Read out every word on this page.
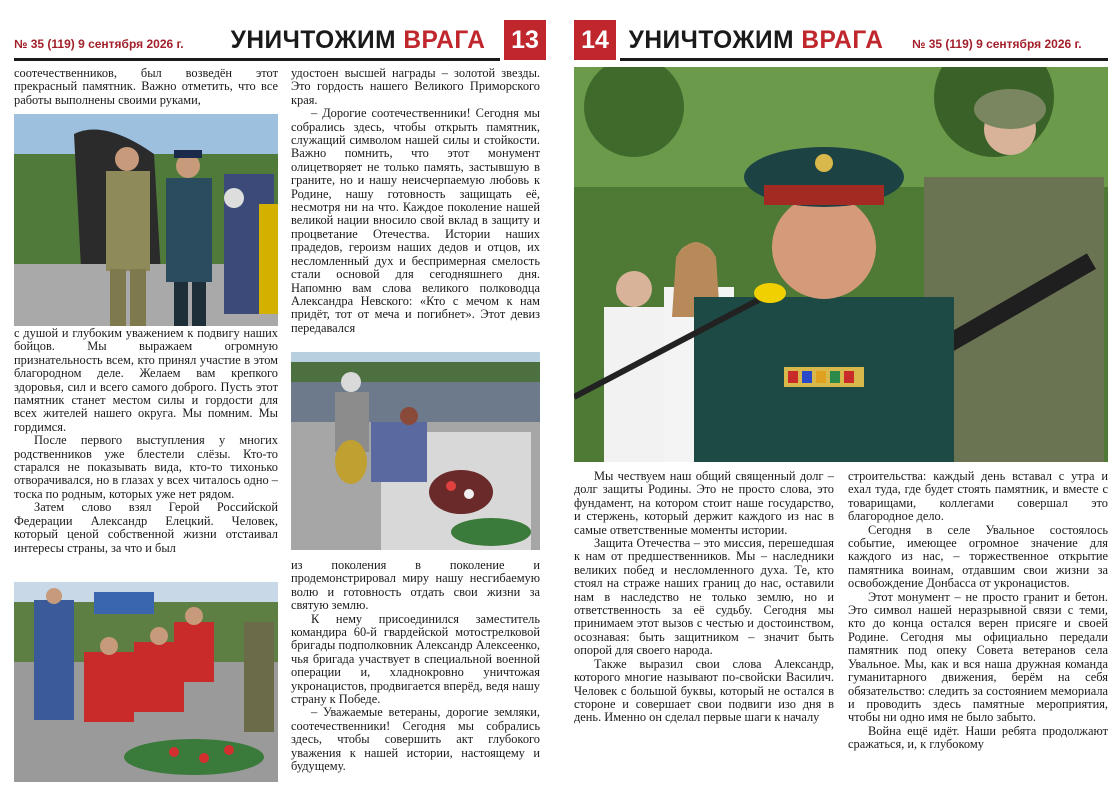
№ 35 (119) 9 сентября 2026 г. УНИЧТОЖИМ ВРАГА 13

соотечественников, был возведён этот прекрасный памятник. Важно отметить, что все работы выполнены своими руками,

с душой и глубоким уважением к подвигу наших бойцов. Мы выражаем огромную признательность всем, кто принял участие в этом благородном деле. Желаем вам крепкого здоровья, сил и всего самого доброго. Пусть этот памятник станет местом силы и гордости для всех жителей нашего округа. Мы помним. Мы гордимся.

После первого выступления у многих родственников уже блестели слёзы. Кто-то старался не показывать вида, кто-то тихонько отворачивался, но в глазах у всех читалось одно – тоска по родным, которых уже нет рядом.

Затем слово взял Герой Российской Федерации Александр Елецкий. Человек, который ценой собственной жизни отстаивал интересы страны, за что и был

удостоен высшей награды – золотой звезды. Это гордость нашего Великого Приморского края.

– Дорогие соотечественники! Сегодня мы собрались здесь, чтобы открыть памятник, служащий символом нашей силы и стойкости. Важно помнить, что этот монумент олицетворяет не только память, застывшую в граните, но и нашу неисчерпаемую любовь к Родине, нашу готовность защищать её, несмотря ни на что. Каждое поколение нашей великой нации вносило свой вклад в защиту и процветание Отечества. Истории наших прадедов, героизм наших дедов и отцов, их несломленный дух и беспримерная смелость стали основой для сегодняшнего дня. Напомню вам слова великого полководца Александра Невского: «Кто с мечом к нам придёт, тот от меча и погибнет». Этот девиз передавался

из поколения в поколение и продемонстрировал миру нашу несгибаемую волю и готовность отдать свои жизни за святую землю.

К нему присоединился заместитель командира 60-й гвардейской мотострелковой бригады подполковник Александр Алексеенко, чья бригада участвует в специальной военной операции и, хладнокровно уничтожая укронацистов, продвигается вперёд, ведя нашу страну к Победе.

– Уважаемые ветераны, дорогие земляки, соотечественники! Сегодня мы собрались здесь, чтобы совершить акт глубокого уважения к нашей истории, настоящему и будущему.

14 УНИЧТОЖИМ ВРАГА № 35 (119) 9 сентября 2026 г.

Мы чествуем наш общий священный долг – долг защиты Родины. Это не просто слова, это фундамент, на котором стоит наше государство, и стержень, который держит каждого из нас в самые ответственные моменты истории.

Защита Отечества – это миссия, перешедшая к нам от предшественников. Мы – наследники великих побед и несломленного духа. Те, кто стоял на страже наших границ до нас, оставили нам в наследство не только землю, но и ответственность за её судьбу. Сегодня мы принимаем этот вызов с честью и достоинством, осознавая: быть защитником – значит быть опорой для своего народа.

Также выразил свои слова Александр, которого многие называют по-свойски Василич. Человек с большой буквы, который не остался в стороне и совершает свои подвиги изо дня в день. Именно он сделал первые шаги к началу

строительства: каждый день вставал с утра и ехал туда, где будет стоять памятник, и вместе с товарищами, коллегами совершал это благородное дело.

Сегодня в селе Увальное состоялось событие, имеющее огромное значение для каждого из нас, – торжественное открытие памятника воинам, отдавшим свои жизни за освобождение Донбасса от укронацистов.

Этот монумент – не просто гранит и бетон. Это символ нашей неразрывной связи с теми, кто до конца остался верен присяге и своей Родине. Сегодня мы официально передали памятник под опеку Совета ветеранов села Увальное. Мы, как и вся наша дружная команда гуманитарного движения, берём на себя обязательство: следить за состоянием мемориала и проводить здесь памятные мероприятия, чтобы ни одно имя не было забыто.

Война ещё идёт. Наши ребята продолжают сражаться, и, к глубокому
